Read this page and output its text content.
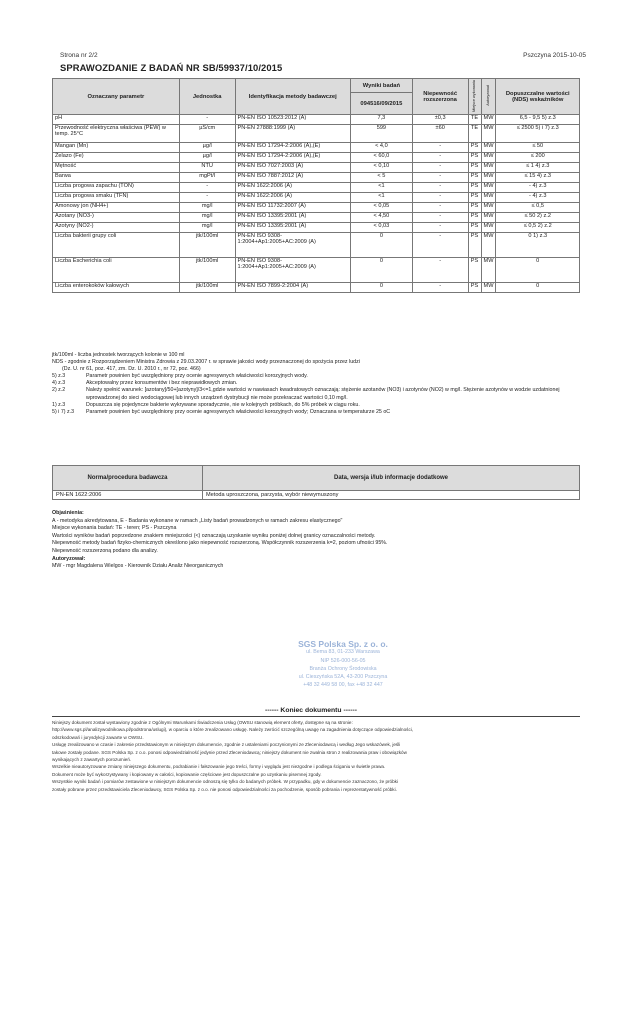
Strona nr 2/2	Pszczyna 2015-10-05
SPRAWOZDANIE Z BADAŃ NR SB/59937/10/2015
Oznaczany parametr	Jednostka	Identyfikacja metody badawczej	Wyniki badań	Niepewność rozszerzona	Miejsce wykonania	Autoryzował	Dopuszczalne wartości (NDS) wskaźników
			094516/09/2015				
pH	-	PN-EN ISO 10523:2012 (A)	7,3	±0,3	TE	MW	6,5 - 9,5 5) z.3
Przewodność elektryczna właściwa (PEW) w temp. 25°C	µS/cm	PN-EN 27888:1999 (A)	599	±60	TE	MW	≤ 2500 5) i 7) z.3
Mangan (Mn)	µg/l	PN-EN ISO 17294-2:2006 (A),(E)	< 4,0	-	PS	MW	≤ 50
Żelazo (Fe)	µg/l	PN-EN ISO 17294-2:2006 (A),(E)	< 60,0	-	PS	MW	≤ 200
Mętność	NTU	PN-EN ISO 7027:2003 (A)	< 0,10	-	PS	MW	≤ 1 4) z.3
Barwa	mgPt/l	PN-EN ISO 7887:2012 (A)	< 5	-	PS	MW	≤ 15 4) z.3
Liczba progowa zapachu (TON)	-	PN-EN 1622:2006 (A)	<1	-	PS	MW	- 4) z.3
Liczba progowa smaku (TFN)	-	PN-EN 1622:2006 (A)	<1	-	PS	MW	- 4) z.3
Amonowy jon (NH4+)	mg/l	PN-EN ISO 11732:2007 (A)	< 0,05	-	PS	MW	≤ 0,5
Azotany (NO3-)	mg/l	PN-EN ISO 13395:2001 (A)	< 4,50	-	PS	MW	≤ 50 2) z.2
Azotyny (NO2-)	mg/l	PN-EN ISO 13395:2001 (A)	< 0,03	-	PS	MW	≤ 0,5 2) z.2
Liczba bakterii grupy coli	jtk/100ml	PN-EN ISO 9308-1:2004+Ap1:2005+AC:2009 (A)	0	-	PS	MW	0 1) z.3
Liczba Escherichia coli	jtk/100ml	PN-EN ISO 9308-1:2004+Ap1:2005+AC:2009 (A)	0	-	PS	MW	0
Liczba enterokoków kałowych	jtk/100ml	PN-EN ISO 7899-2:2004 (A)	0	-	PS	MW	0
jtk/100ml - liczba jednostek tworzących kolonie w 100 ml
NDS - zgodnie z Rozporządzeniem Ministra Zdrowia z 29.03.2007 r. w sprawie jakości wody przeznaczonej do spożycia przez ludzi
(Dz. U. nr 61, poz. 417, zm. Dz. U. 2010 r., nr 72, poz. 466)
5) z.3	Parametr powinien być uwzględniony przy ocenie agresywnych właściwości korozyjnych wody.
4) z.3	Akceptowalny przez konsumentów i bez nieprawidłowych zmian.
2) z.2	Należy spełnić warunek: [azotany]/50+[azotyny]/3<=1,gdzie wartości w nawiasach kwadratowych oznaczają: stężenie azotanów (NO3) i azotynów (NO2) w mg/l. Stężenie azotynów w wodzie uzdatnionej wprowadzonej do sieci wodociągowej lub innych urządzeń dystrybucji nie może przekraczać wartości 0,10 mg/l.
1) z.3	Dopuszcza się pojedyncze bakterie wykrywane sporadycznie, nie w kolejnych próbkach, do 5% próbek w ciągu roku.
5) i 7) z.3	Parametr powinien być uwzględniony przy ocenie agresywnych właściwości korozyjnych wody; Oznaczana w temperaturze 25 oC
Norma/procedura badawcza	Data, wersja i/lub informacje dodatkowe
PN-EN 1622:2006	Metoda uproszczona, parzysta, wybór niewymuszony
Objaśnienia:
A - metodyka akredytowana, E - Badania wykonane w ramach „Listy badań prowadzonych w ramach zakresu elastycznego"
Miejsce wykonania badań: TE - teren; PS - Pszczyna
Wartości wyników badań poprzedzone znakiem mniejszości (<) oznaczają uzyskanie wyniku poniżej dolnej granicy oznaczalności metody.
Niepewność metody badań fizyko-chemicznych określono jako niepewność rozszerzoną. Współczynnik rozszerzenia k=2, poziom ufności 95%.
Niepewność rozszerzoną podano dla analizy.
Autoryzował:
MW - mgr Magdalena Wielgos - Kierownik Działu Analiz Nieorganicznych
SGS Polska Sp. z o. o.
ul. Bema 83, 01-233 Warszawa
NIP 526-000-56-05
Branża Ochrony Środowiska
ul. Cieszyńska 52A, 43-200 Pszczyna
+48 32 449 58 00, fax +48 32 447
------ Koniec dokumentu ------

Niniejszy dokument został wystawiony zgodnie z Ogólnymi Warunkami Świadczenia Usług (OWSU stanowią element oferty, dostępne są na stronie:

http://www.sgs.pl/analizywodnikowa.pl/podstrona/uslugi), w oparciu o które zrealizowano usługę. Należy zwrócić szczególną uwagę na zagadnienia dotyczące odpowiedzialności,

odszkodowań i jurysdykcji zawarte w OWSU.

Usługę zrealizowano w czasie i zakresie przedstawionym w niniejszym dokumencie, zgodnie z ustaleniami poczynionymi ze Zleceniodawcą i według Jego wskazówek, jeśli

takowe zostały podane. SGS Polska Sp. z o.o. ponosi odpowiedzialność jedynie przed Zleceniodawcą; niniejszy dokument nie zwalnia stron z realizowania praw i obowiązków

wynikających z zawartych porozumień.

Wszelkie nieautoryzowane zmiany niniejszego dokumentu, podrabianie i fałszowanie jego treści, formy i wyglądu jest niezgodne i podlega ściganiu w świetle prawa.

Dokument może być wykorzystywany i kopiowany w całości, kopiowanie częściowe jest dopuszczalne po uzyskaniu pisemnej zgody.

Wszystkie wyniki badań i pomiarów zestawione w niniejszym dokumencie odnoszą się tylko do badanych próbek. W przypadku, gdy w dokumencie zaznaczono, że próbki

zostały pobrane przez przedstawiciela Zleceniodawcy, SGS Polska Sp. z o.o. nie ponosi odpowiedzialności za pochodzenie, sposób pobrania i reprezentatywność próbki.
